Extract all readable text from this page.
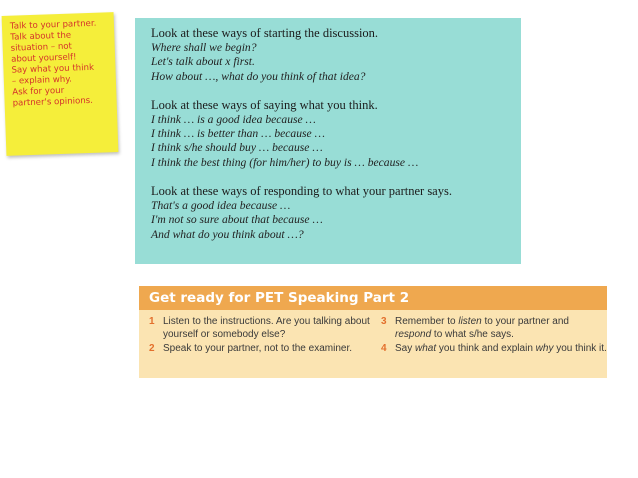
Talk to your partner.
Talk about the
situation – not
about yourself!
Say what you think
– explain why.
Ask for your
partner's opinions.
Look at these ways of starting the discussion.
Where shall we begin?
Let's talk about x first.
How about …, what do you think of that idea?
Look at these ways of saying what you think.
I think … is a good idea because …
I think … is better than … because …
I think s/he should buy … because …
I think the best thing (for him/her) to buy is … because …
Look at these ways of responding to what your partner says.
That's a good idea because …
I'm not so sure about that because …
And what do you think about …?
Get ready for PET Speaking Part 2
1 Listen to the instructions. Are you talking about yourself or somebody else?
2 Speak to your partner, not to the examiner.
3 Remember to listen to your partner and respond to what s/he says.
4 Say what you think and explain why you think it.
